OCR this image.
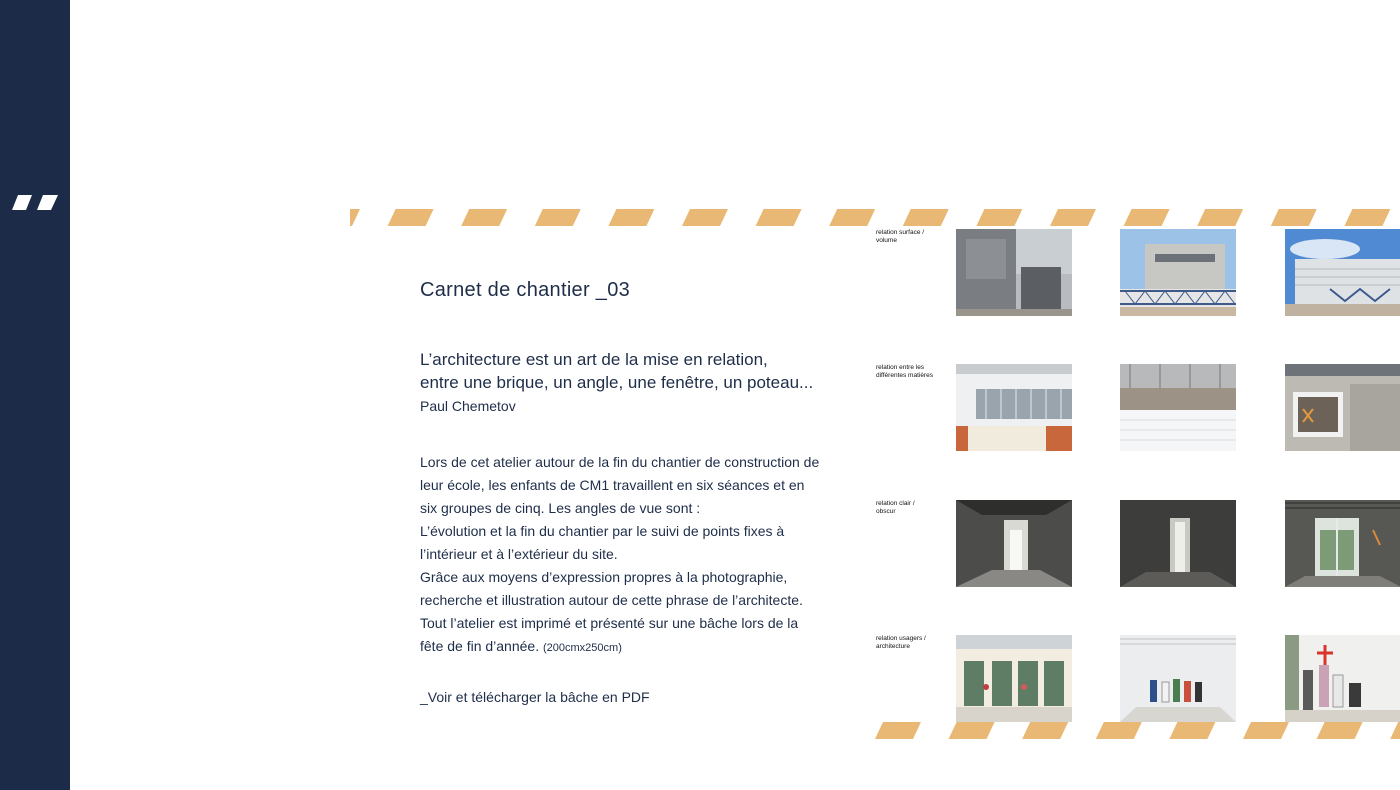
Carnet de chantier _03

L’architecture est un art de la mise en relation,
entre une brique, un angle, une fenêtre, un poteau...

Paul Chemetov

Lors de cet atelier autour de la fin du chantier de construction de leur école, les enfants de CM1 travaillent en six séances et en six groupes de cinq. Les angles de vue sont :

L’évolution et la fin du chantier par le suivi de points fixes à l’intérieur et à l’extérieur du site.

Grâce aux moyens d’expression propres à la photographie, recherche et illustration autour de cette phrase de l’architecte.

Tout l’atelier est imprimé et présenté sur une bâche lors de la fête de fin d’année. (200cmx250cm)

_Voir et télécharger la bâche en PDF
relation surface /
volume
relation entre les
différentes matières
relation clair /
obscur
relation usagers /
architecture
